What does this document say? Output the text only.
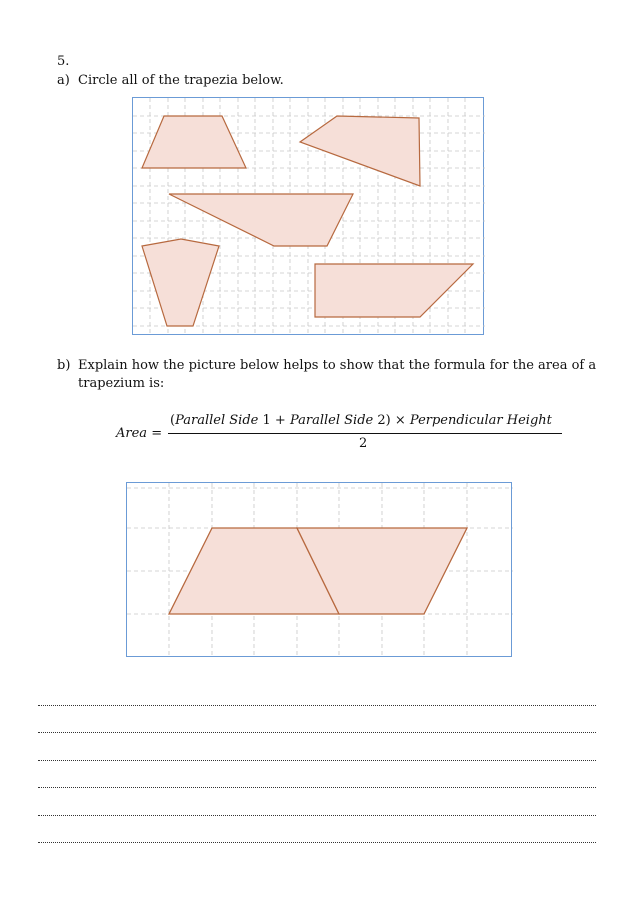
5.
a) Circle all of the trapezia below.
b) Explain how the picture below helps to show that the formula for the area of a
trapezium is:
Area =
(Parallel Side 1 + Parallel Side 2) × Perpendicular Height
2
